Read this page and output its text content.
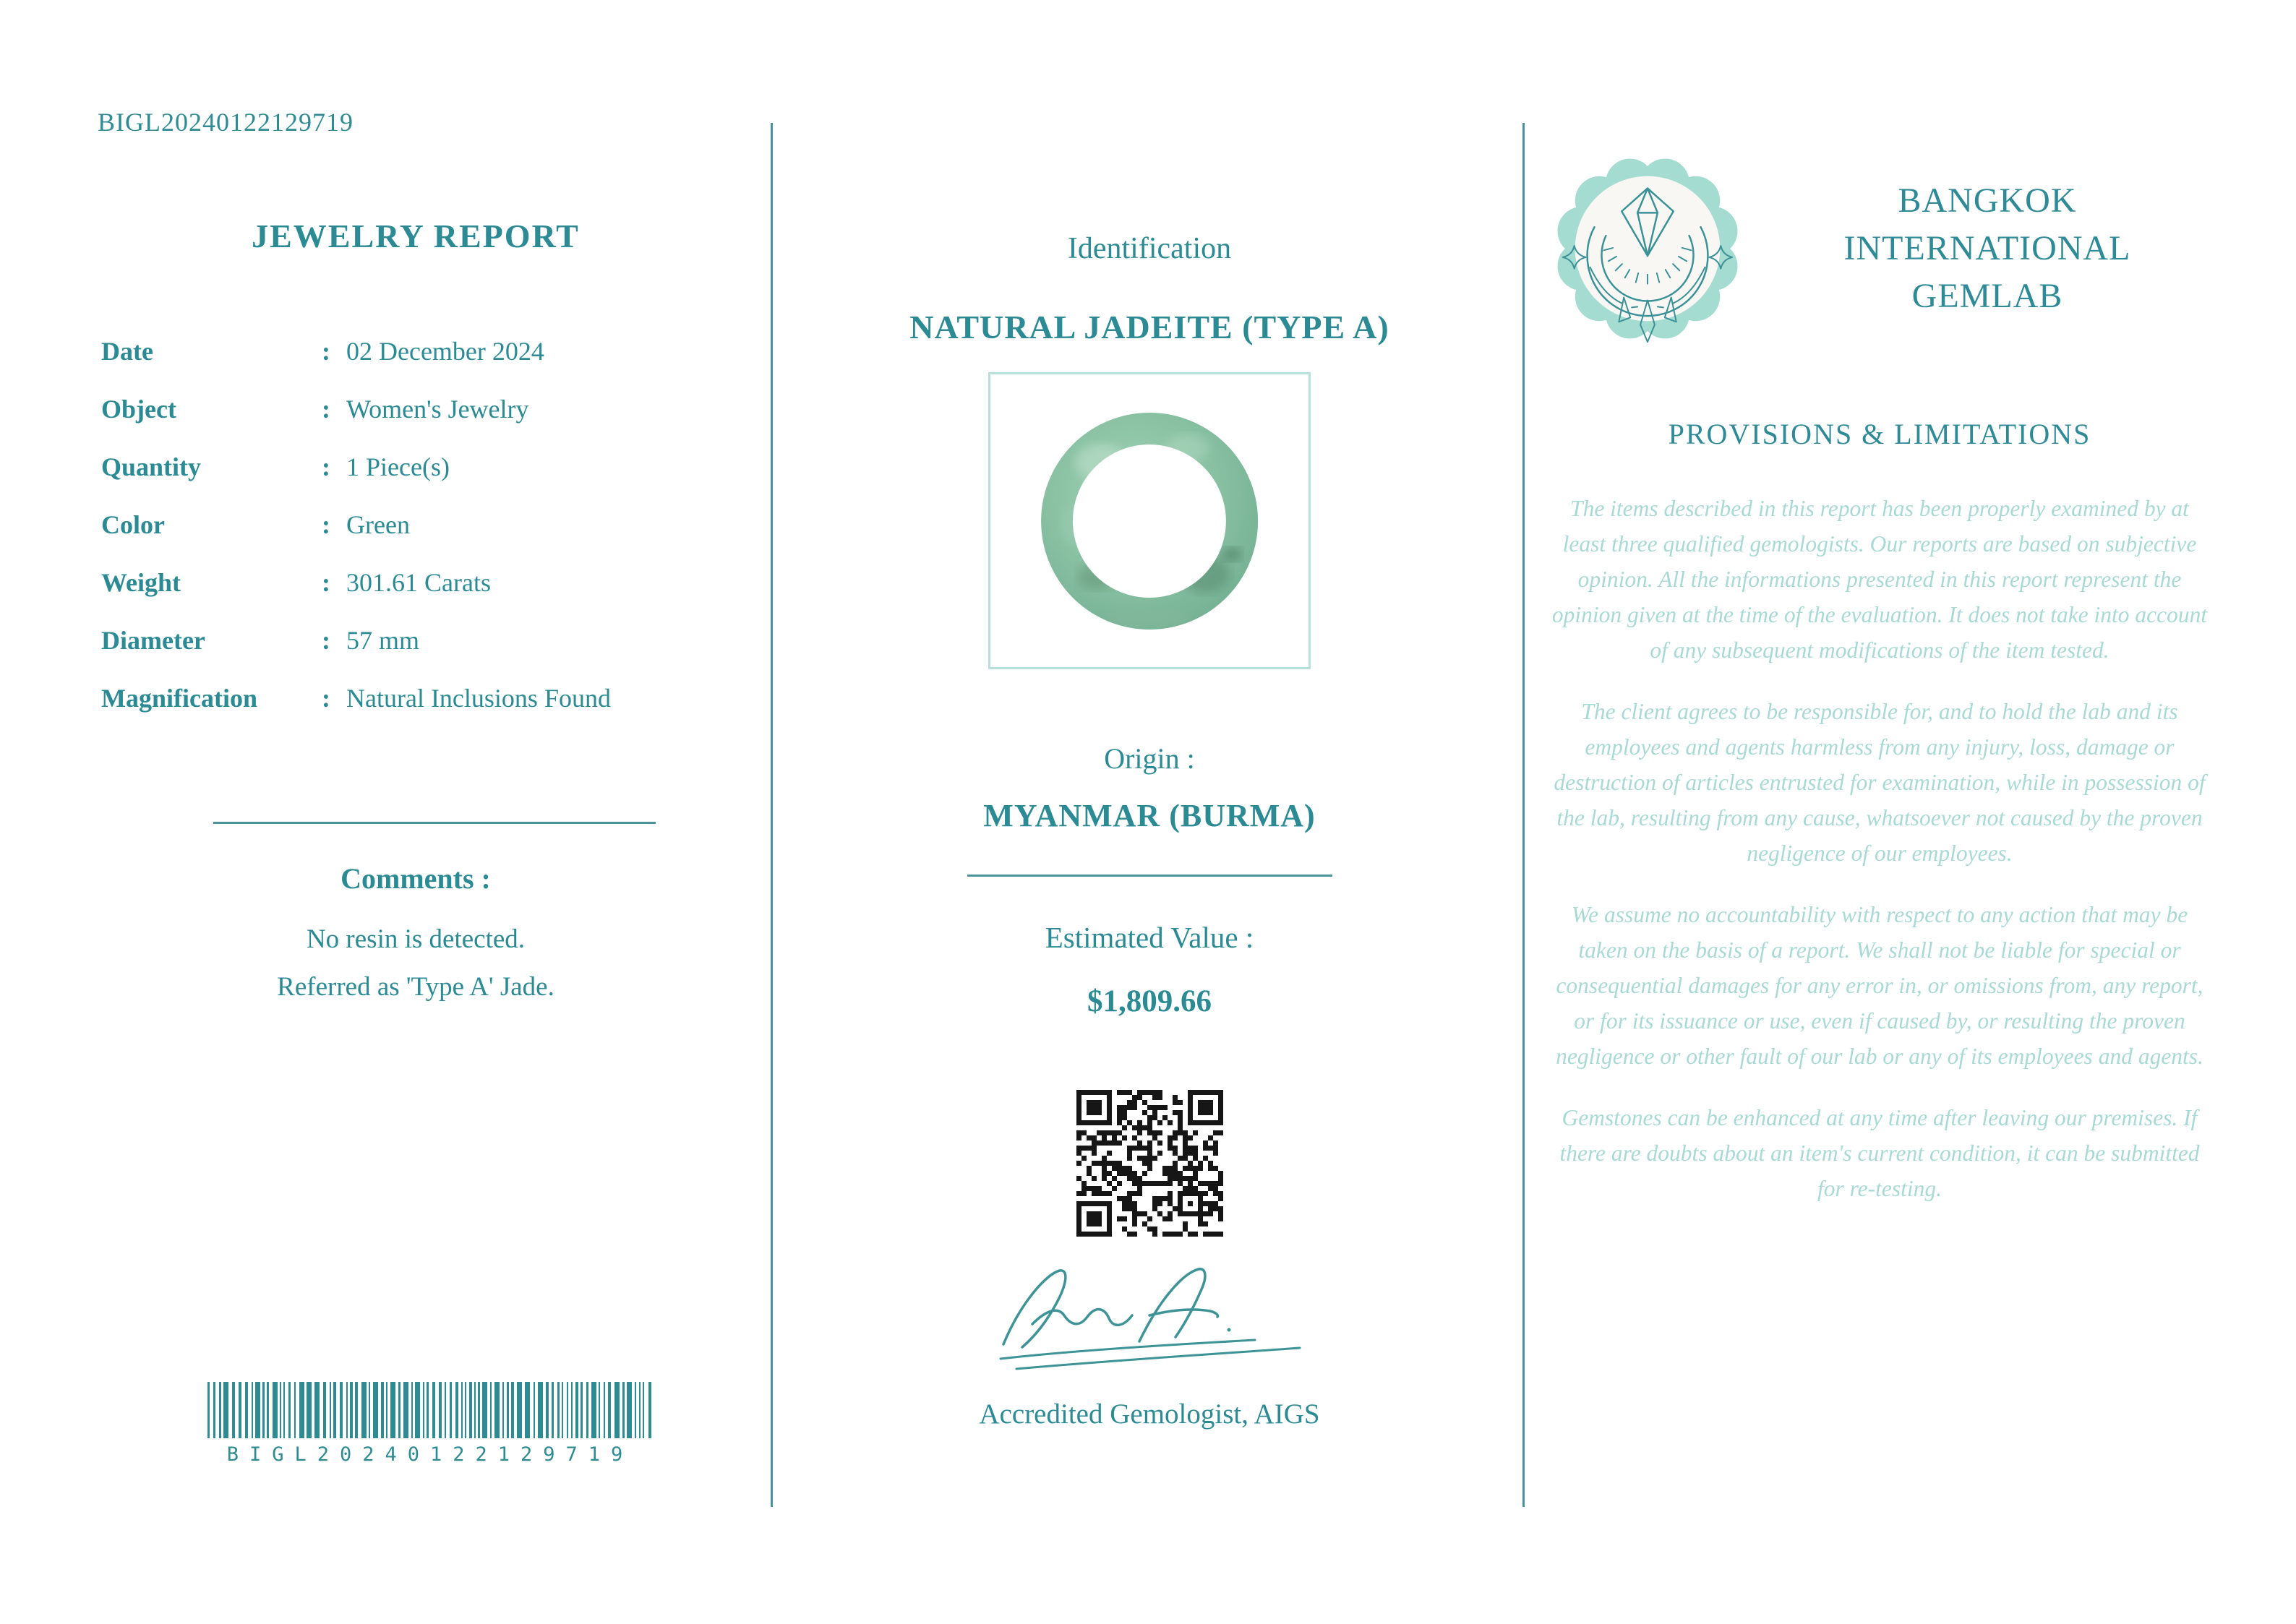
BIGL20240122129719
JEWELRY REPORT
Date	: 02 December 2024
Object	: Women's Jewelry
Quantity	: 1 Piece(s)
Color	: Green
Weight	: 301.61 Carats
Diameter	: 57 mm
Magnification	: Natural Inclusions Found
Comments :
No resin is detected.
Referred as 'Type A' Jade.
BIGL20240122129719
Identification
NATURAL JADEITE (TYPE A)
Origin :
MYANMAR (BURMA)
Estimated Value :
$1,809.66
Accredited Gemologist, AIGS
BANGKOK
INTERNATIONAL
GEMLAB
PROVISIONS & LIMITATIONS

The items described in this report has been properly examined by at least three qualified gemologists. Our reports are based on subjective opinion. All the informations presented in this report represent the opinion given at the time of the evaluation. It does not take into account of any subsequent modifications of the item tested.

The client agrees to be responsible for, and to hold the lab and its employees and agents harmless from any injury, loss, damage or destruction of articles entrusted for examination, while in possession of the lab, resulting from any cause, whatsoever not caused by the proven negligence of our employees.

We assume no accountability with respect to any action that may be taken on the basis of a report. We shall not be liable for special or consequential damages for any error in, or omissions from, any report, or for its issuance or use, even if caused by, or resulting the proven negligence or other fault of our lab or any of its employees and agents.

Gemstones can be enhanced at any time after leaving our premises. If there are doubts about an item's current condition, it can be submitted for re-testing.
